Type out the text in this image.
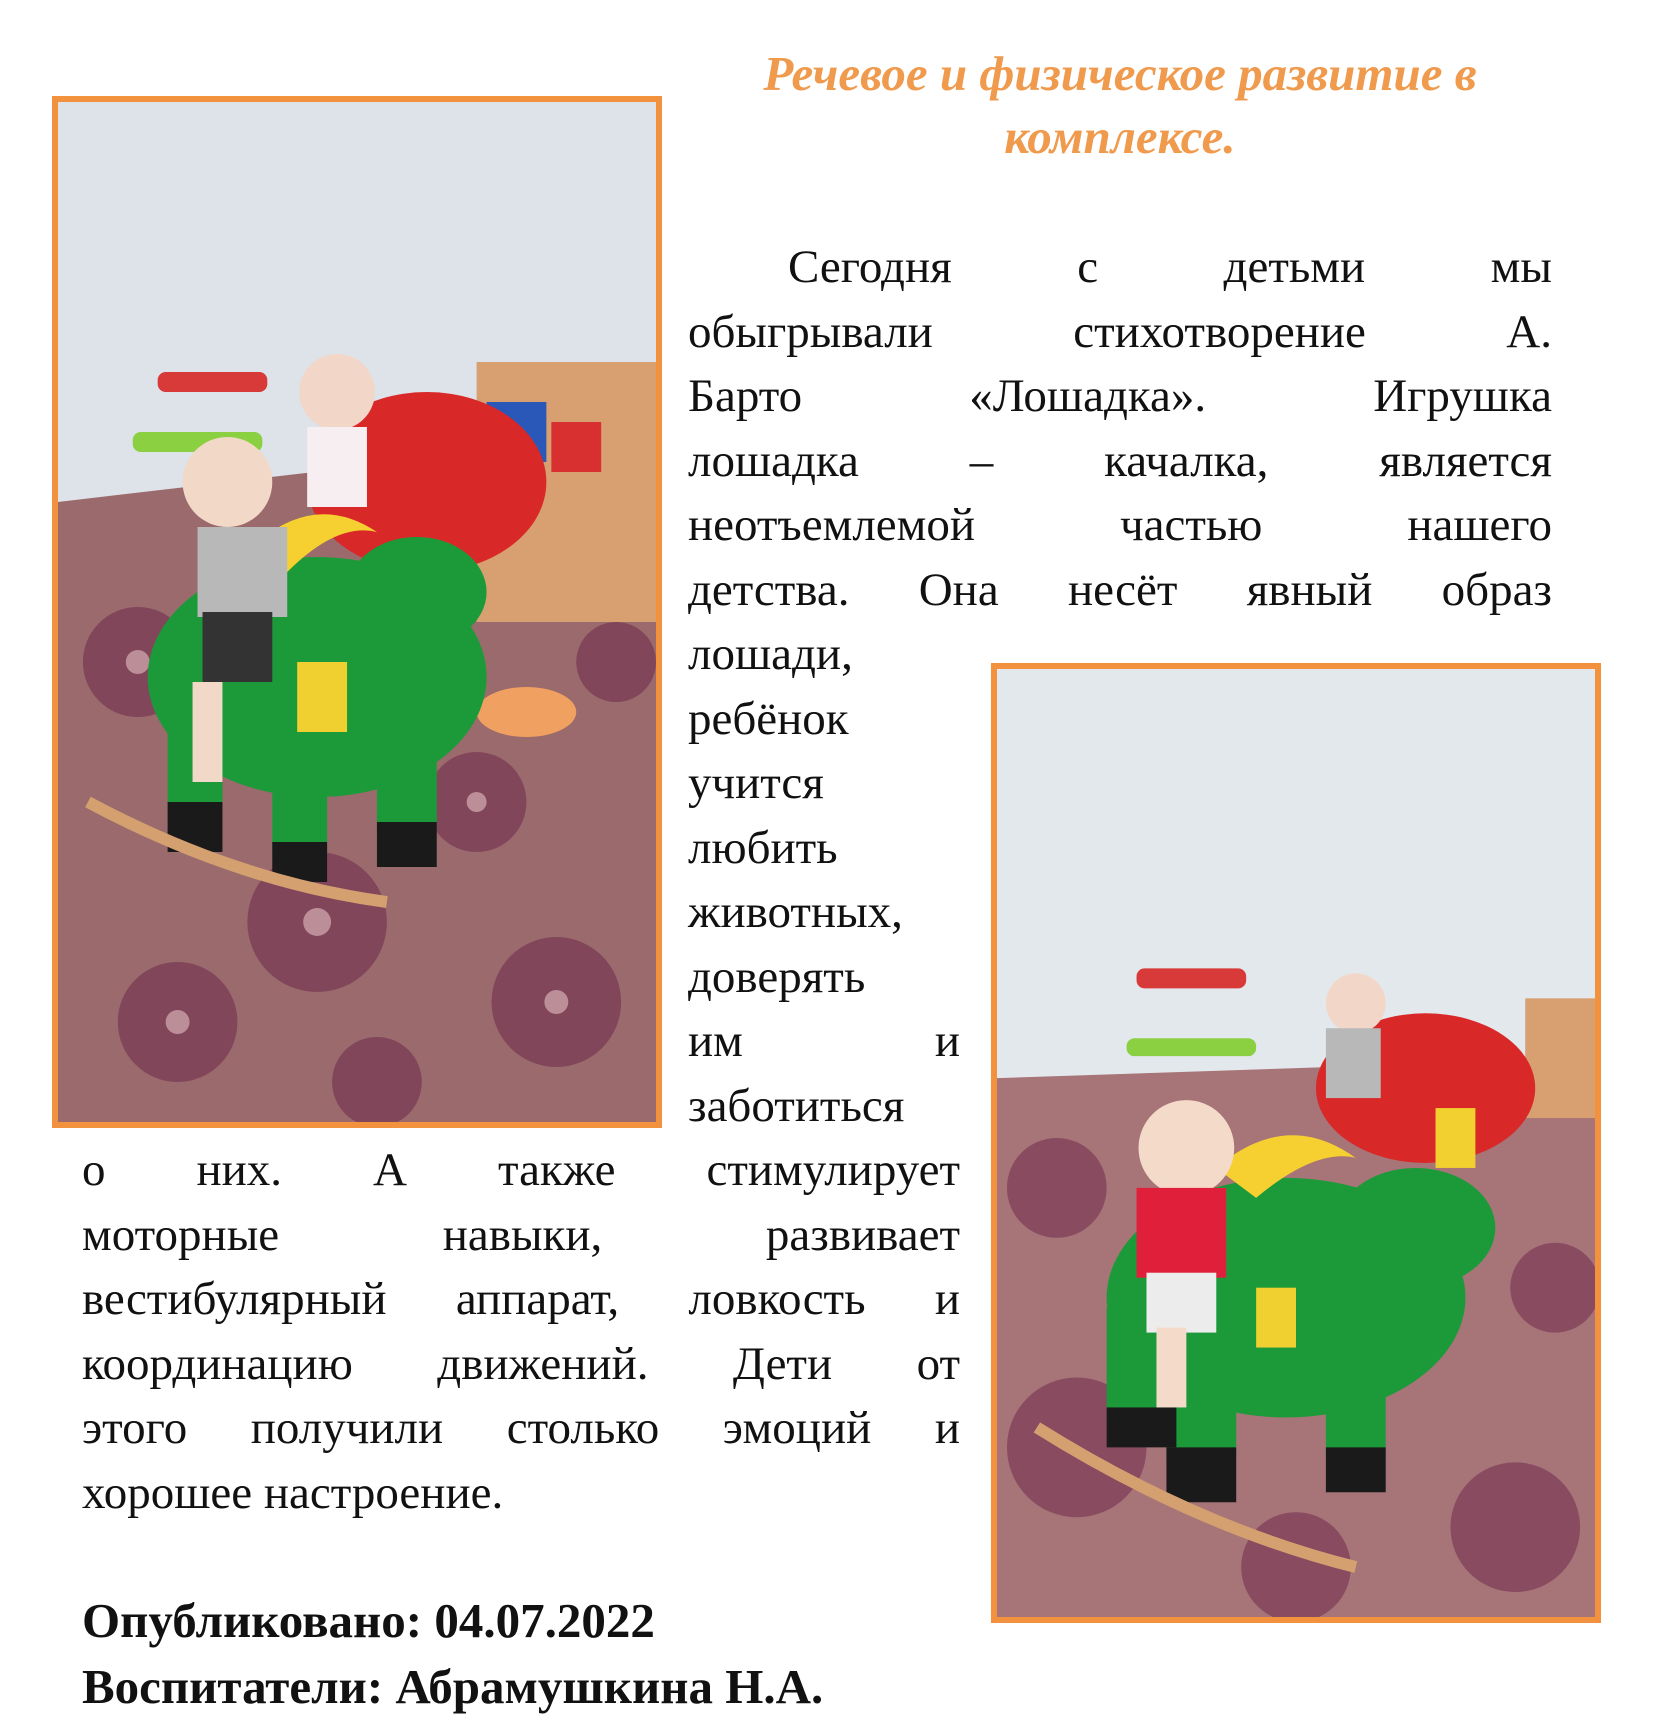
Речевое и физическое развитие в комплексе.
Сегодня с детьми мы
обыгрывали стихотворение А.
Барто «Лошадка». Игрушка
лошадка – качалка, является
неотъемлемой частью нашего
детства. Она несёт явный образ
лошади,
ребёнок
учится
любить
животных,
доверять
им и
заботиться
о них. А также стимулирует
моторные навыки, развивает
вестибулярный аппарат, ловкость и
координацию движений. Дети от
этого получили столько эмоций и
хорошее настроение.
Опубликовано: 04.07.2022
Воспитатели: Абрамушкина Н.А.
